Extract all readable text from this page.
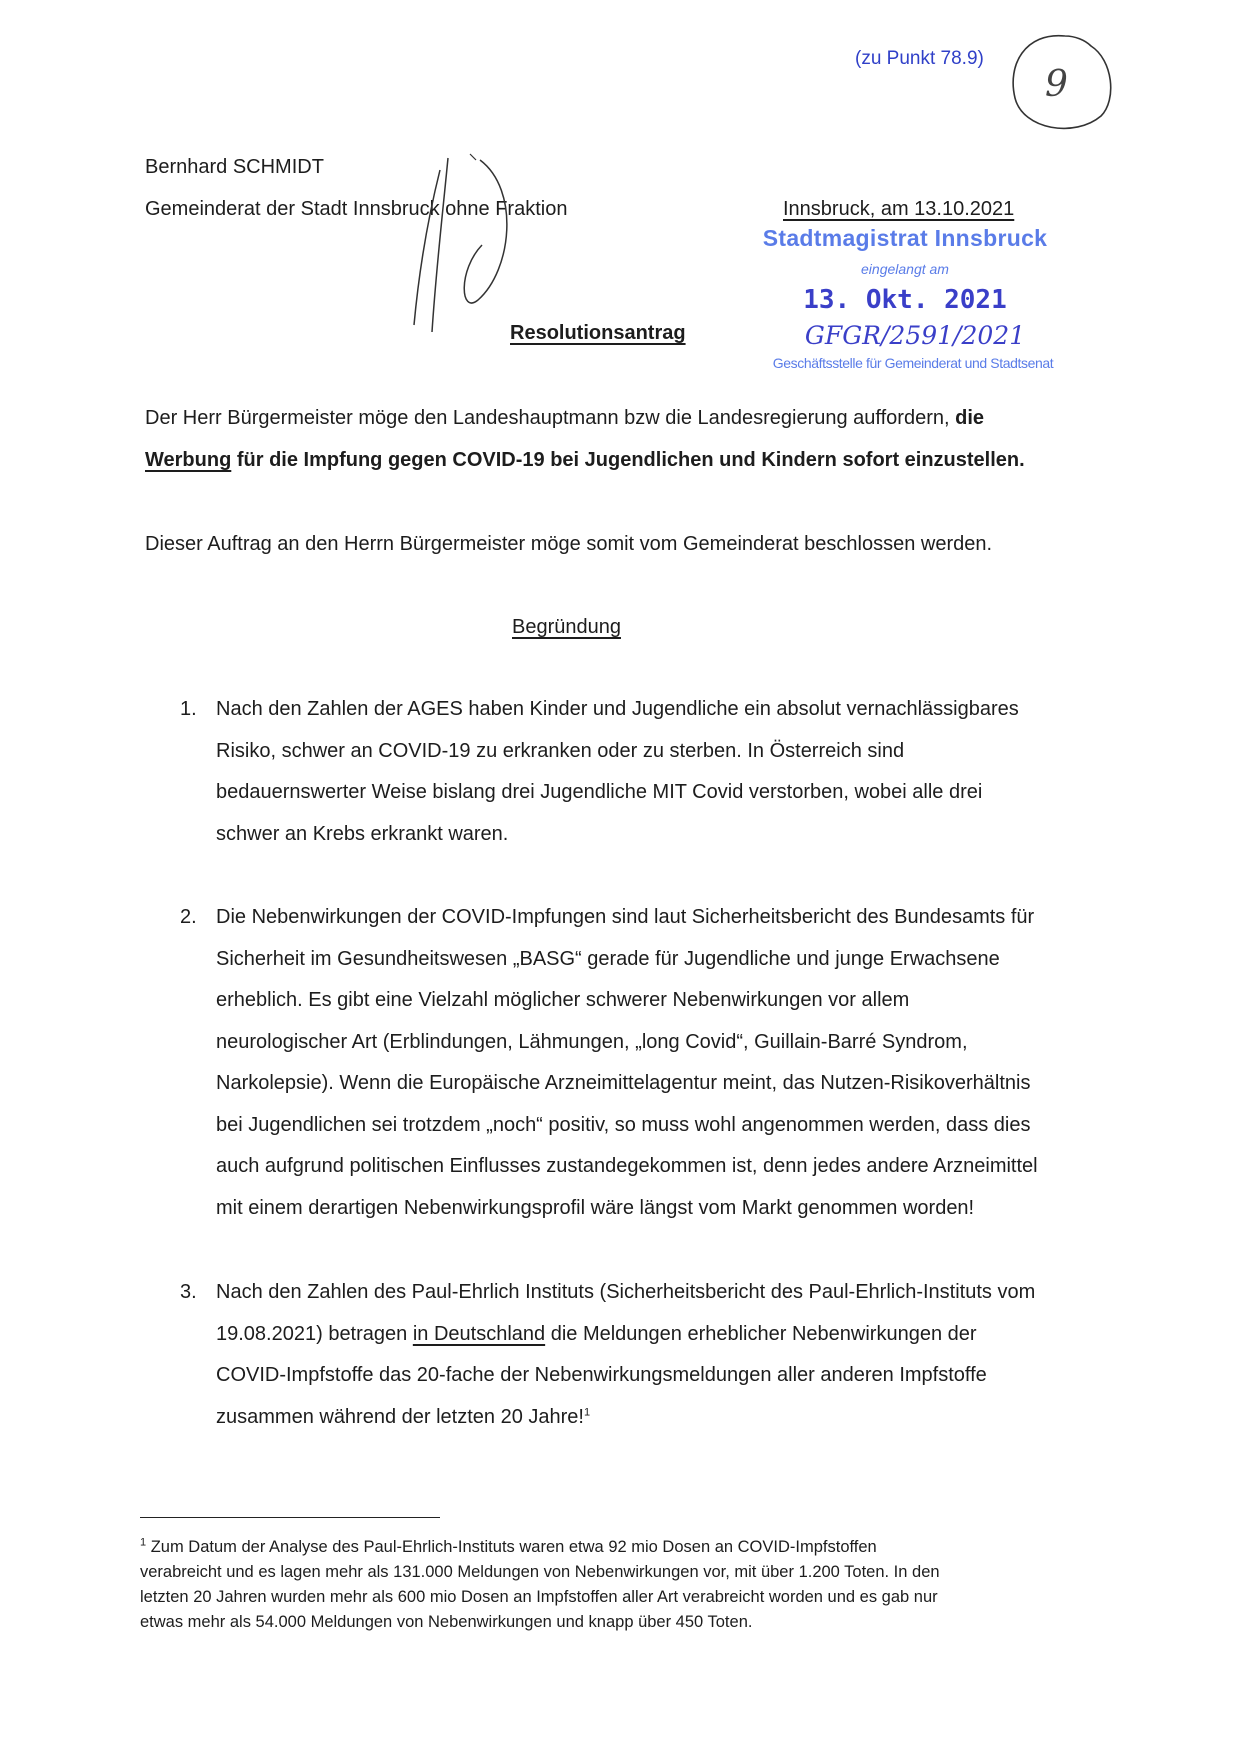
(zu Punkt 78.9)
9
Bernhard SCHMIDT
Gemeinderat der Stadt Innsbruck ohne Fraktion	Innsbruck, am 13.10.2021
Resolutionsantrag
Stadtmagistrat Innsbruck
eingelangt am
13. Okt. 2021
GFGR/2591/2021
Geschäftsstelle für Gemeinderat und Stadtsenat
Der Herr Bürgermeister möge den Landeshauptmann bzw die Landesregierung auffordern, die
Werbung für die Impfung gegen COVID-19 bei Jugendlichen und Kindern sofort einzustellen.
Dieser Auftrag an den Herrn Bürgermeister möge somit vom Gemeinderat beschlossen werden.
Begründung
1. Nach den Zahlen der AGES haben Kinder und Jugendliche ein absolut vernachlässigbares
Risiko, schwer an COVID-19 zu erkranken oder zu sterben. In Österreich sind
bedauernswerter Weise bislang drei Jugendliche MIT Covid verstorben, wobei alle drei
schwer an Krebs erkrankt waren.
2. Die Nebenwirkungen der COVID-Impfungen sind laut Sicherheitsbericht des Bundesamts für
Sicherheit im Gesundheitswesen „BASG“ gerade für Jugendliche und junge Erwachsene
erheblich. Es gibt eine Vielzahl möglicher schwerer Nebenwirkungen vor allem
neurologischer Art (Erblindungen, Lähmungen, „long Covid“, Guillain-Barré Syndrom,
Narkolepsie). Wenn die Europäische Arzneimittelagentur meint, das Nutzen-Risikoverhältnis
bei Jugendlichen sei trotzdem „noch“ positiv, so muss wohl angenommen werden, dass dies
auch aufgrund politischen Einflusses zustandegekommen ist, denn jedes andere Arzneimittel
mit einem derartigen Nebenwirkungsprofil wäre längst vom Markt genommen worden!
3. Nach den Zahlen des Paul-Ehrlich Instituts (Sicherheitsbericht des Paul-Ehrlich-Instituts vom
19.08.2021) betragen in Deutschland die Meldungen erheblicher Nebenwirkungen der
COVID-Impfstoffe das 20-fache der Nebenwirkungsmeldungen aller anderen Impfstoffe
zusammen während der letzten 20 Jahre!$^1$
$^1$ Zum Datum der Analyse des Paul-Ehrlich-Instituts waren etwa 92 mio Dosen an COVID-Impfstoffen
verabreicht und es lagen mehr als 131.000 Meldungen von Nebenwirkungen vor, mit über 1.200 Toten. In den
letzten 20 Jahren wurden mehr als 600 mio Dosen an Impfstoffen aller Art verabreicht worden und es gab nur
etwas mehr als 54.000 Meldungen von Nebenwirkungen und knapp über 450 Toten.
